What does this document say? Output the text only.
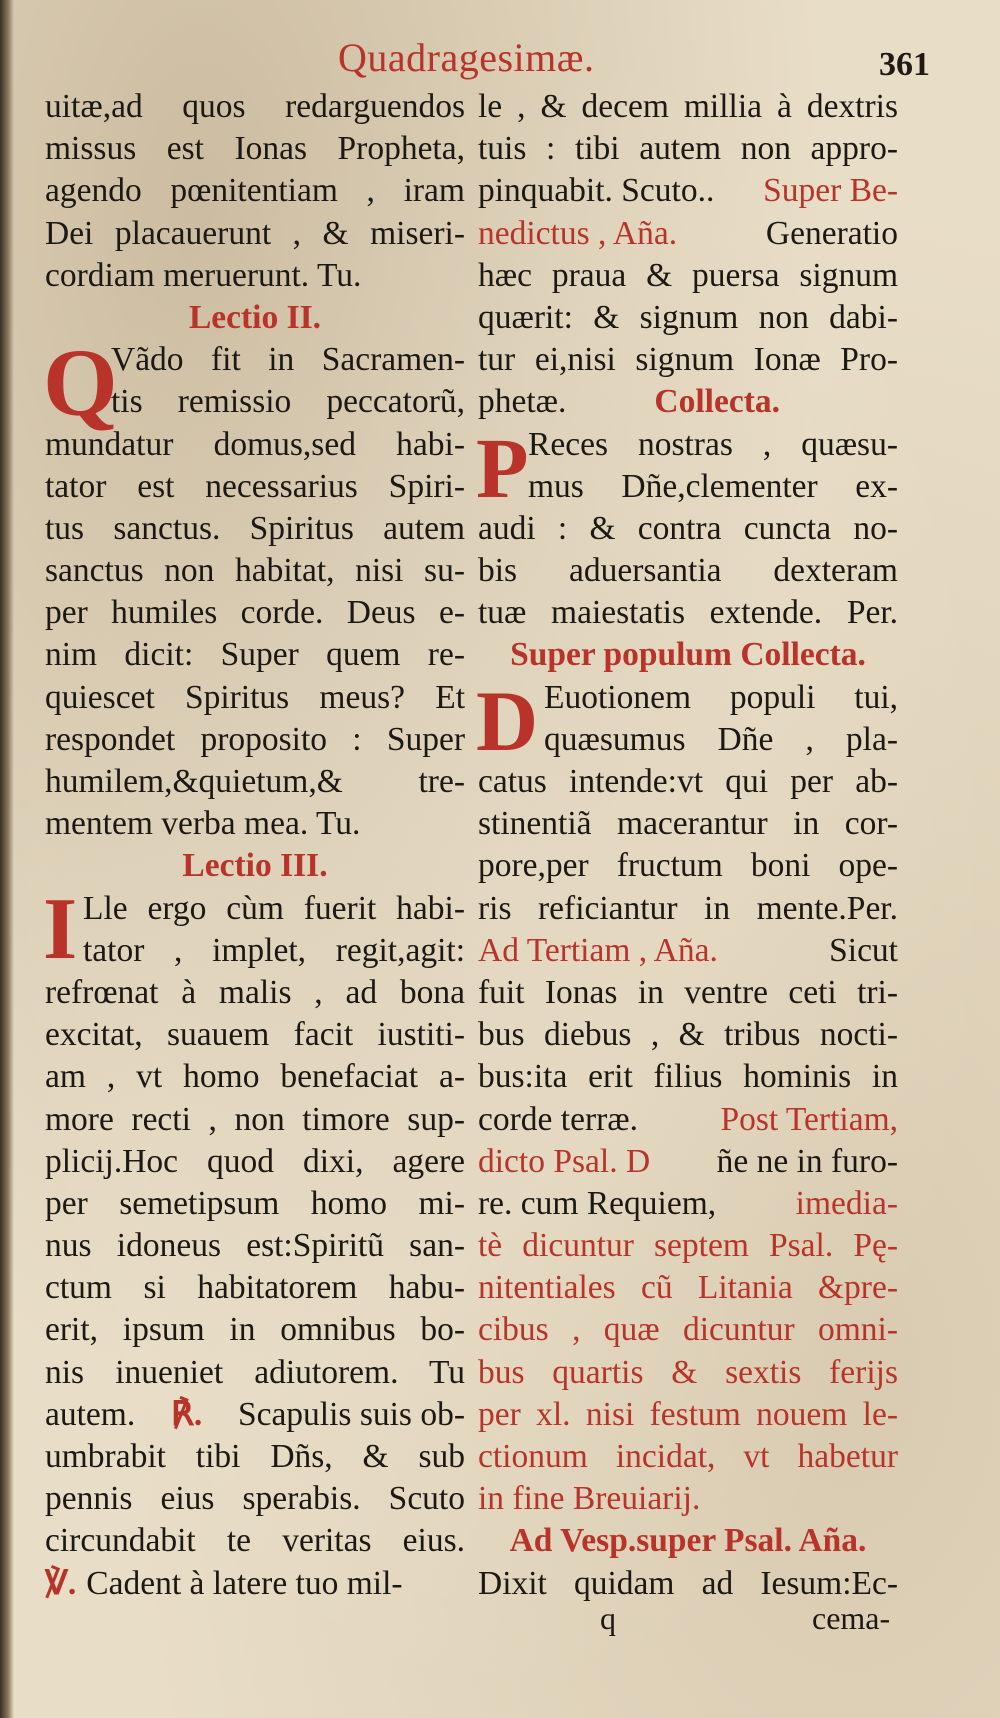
Quadragesimæ.	361
uitæ,ad quos redarguendos
missus est Ionas Propheta,
agendo pœnitentiam , iram
Dei placauerunt , & miseri-
cordiam meruerunt. Tu.
Lectio II.
Q
Vãdo fit in Sacramen-
tis remissio peccatorũ,
mundatur domus,sed habi-
tator est necessarius Spiri-
tus sanctus. Spiritus autem
sanctus non habitat, nisi su-
per humiles corde. Deus e-
nim dicit: Super quem re-
quiescet Spiritus meus? Et
respondet proposito : Super
humilem,&quietum,& tre-
mentem verba mea. Tu.
Lectio III.
I Lle ergo cùm fuerit habi-
tator , implet, regit,agit:
refrœnat à malis , ad bona
excitat, suauem facit iustiti-
am , vt homo benefaciat a-
more recti , non timore sup-
plicij.Hoc quod dixi, agere
per semetipsum homo mi-
nus idoneus est:Spiritũ san-
ctum si habitatorem habu-
erit, ipsum in omnibus bo-
nis inueniet adiutorem. Tu
autem. ℟. Scapulis suis ob-
umbrabit tibi Dñs, & sub
pennis eius sperabis. Scuto
circundabit te veritas eius.
℣. Cadent à latere tuo mil-
le , & decem millia à dextris
tuis : tibi autem non appro-
pinquabit. Scuto.. Super Be-
nedictus , Aña.	Generatio
hæc praua & puersa signum
quærit: & signum non dabi-
tur ei,nisi signum Ionæ Pro-
phetæ.	Collecta.
P Reces nostras , quæsu-
mus Dñe,clementer ex-
audi : & contra cuncta no-
bis aduersantia dexteram
tuæ maiestatis extende. Per.
Super populum Collecta.
D Euotionem populi tui,
quæsumus Dñe , pla-
catus intende:vt qui per ab-
stinentiã macerantur in cor-
pore,per fructum boni ope-
ris reficiantur in mente.Per.
Ad Tertiam , Aña.	Sicut
fuit Ionas in ventre ceti tri-
bus diebus , & tribus nocti-
bus:ita erit filius hominis in
corde terræ. Post Tertiam,
dicto Psal. D ñe ne in furo-
re. cum Requiem, imedia-
tè dicuntur septem Psal. Pę-
nitentiales cũ Litania &pre-
cibus , quæ dicuntur omni-
bus quartis & sextis ferijs
per xl. nisi festum nouem le-
ctionum incidat, vt habetur
in fine Breuiarij.
Ad Vesp.super Psal. Aña.
Dixit quidam ad Iesum:Ec-
q	cema-
